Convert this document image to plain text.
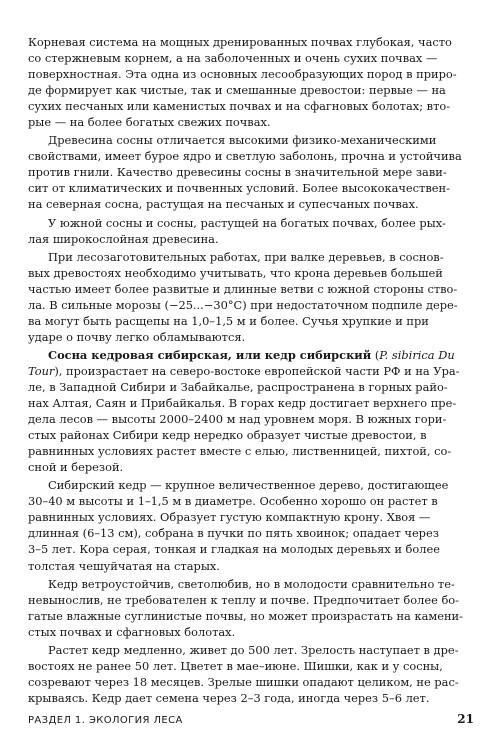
Корневая система на мощных дренированных почвах глубокая, часто
со стержневым корнем, а на заболоченных и очень сухих почвах —
поверхностная. Эта одна из основных лесообразующих пород в приро-
де формирует как чистые, так и смешанные древостои: первые — на
сухих песчаных или каменистых почвах и на сфагновых болотах; вто-
рые — на более богатых свежих почвах.
Древесина сосны отличается высокими физико-механическими
свойствами, имеет бурое ядро и светлую заболонь, прочна и устойчива
против гнили. Качество древесины сосны в значительной мере зави-
сит от климатических и почвенных условий. Более высококачествен-
на северная сосна, растущая на песчаных и супесчаных почвах.
У южной сосны и сосны, растущей на богатых почвах, более рых-
лая широкослойная древесина.
При лесозаготовительных работах, при валке деревьев, в соснов-
вых древостоях необходимо учитывать, что крона деревьев большей
частью имеет более развитые и длинные ветви с южной стороны ство-
ла. В сильные морозы (−25...−30°С) при недостаточном подпиле дере-
ва могут быть расщепы на 1,0–1,5 м и более. Сучья хрупкие и при
ударе о почву легко обламываются.
Сосна кедровая сибирская, или кедр сибирский (P. sibirica Du
Tour), произрастает на северо-востоке европейской части РФ и на Ура-
ле, в Западной Сибири и Забайкалье, распространена в горных райо-
нах Алтая, Саян и Прибайкалья. В горах кедр достигает верхнего пре-
дела лесов — высоты 2000–2400 м над уровнем моря. В южных гори-
стых районах Сибири кедр нередко образует чистые древостои, в
равнинных условиях растет вместе с елью, лиственницей, пихтой, со-
сной и березой.
Сибирский кедр — крупное величественное дерево, достигающее
30–40 м высоты и 1–1,5 м в диаметре. Особенно хорошо он растет в
равнинных условиях. Образует густую компактную крону. Хвоя —
длинная (6–13 см), собрана в пучки по пять хвоинок; опадает через
3–5 лет. Кора серая, тонкая и гладкая на молодых деревьях и более
толстая чешуйчатая на старых.
Кедр ветроустойчив, светолюбив, но в молодости сравнительно те-
невынослив, не требователен к теплу и почве. Предпочитает более бо-
гатые влажные суглинистые почвы, но может произрастать на камени-
стых почвах и сфагновых болотах.
Растет кедр медленно, живет до 500 лет. Зрелость наступает в дре-
востоях не ранее 50 лет. Цветет в мае–июне. Шишки, как и у сосны,
созревают через 18 месяцев. Зрелые шишки опадают целиком, не рас-
крываясь. Кедр дает семена через 2–3 года, иногда через 5–6 лет.
РАЗДЕЛ 1. ЭКОЛОГИЯ ЛЕСА	21
